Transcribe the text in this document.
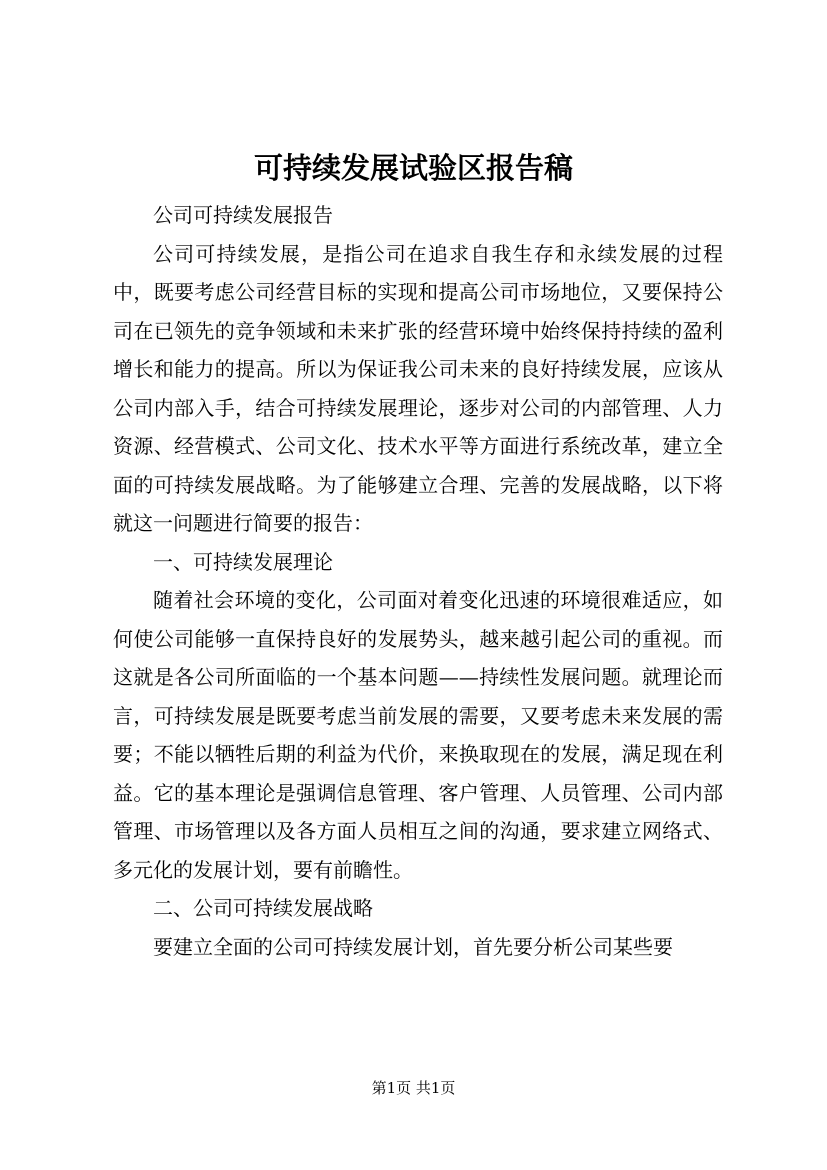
可持续发展试验区报告稿

公司可持续发展报告

公司可持续发展，是指公司在追求自我生存和永续发展的过程中，既要考虑公司经营目标的实现和提高公司市场地位，又要保持公司在已领先的竞争领域和未来扩张的经营环境中始终保持持续的盈利增长和能力的提高。所以为保证我公司未来的良好持续发展，应该从公司内部入手，结合可持续发展理论，逐步对公司的内部管理、人力资源、经营模式、公司文化、技术水平等方面进行系统改革，建立全面的可持续发展战略。为了能够建立合理、完善的发展战略，以下将就这一问题进行简要的报告：

一、可持续发展理论

随着社会环境的变化，公司面对着变化迅速的环境很难适应，如何使公司能够一直保持良好的发展势头，越来越引起公司的重视。而这就是各公司所面临的一个基本问题——持续性发展问题。就理论而言，可持续发展是既要考虑当前发展的需要，又要考虑未来发展的需要；不能以牺牲后期的利益为代价，来换取现在的发展，满足现在利益。它的基本理论是强调信息管理、客户管理、人员管理、公司内部管理、市场管理以及各方面人员相互之间的沟通，要求建立网络式、多元化的发展计划，要有前瞻性。

二、公司可持续发展战略

要建立全面的公司可持续发展计划，首先要分析公司某些要

第1页 共1页
